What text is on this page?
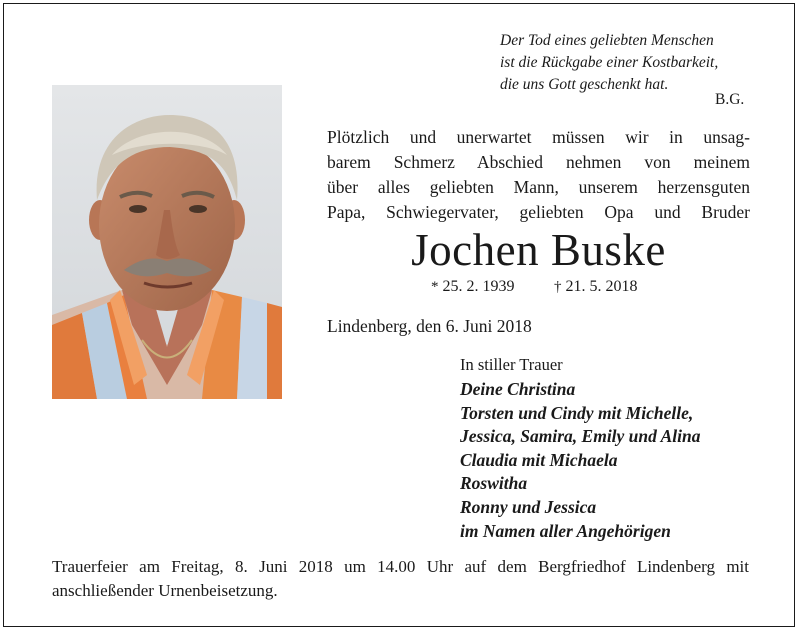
Der Tod eines geliebten Menschen
ist die Rückgabe einer Kostbarkeit,
die uns Gott geschenkt hat.
B.G.
Plötzlich und unerwartet müssen wir in unsag-
barem Schmerz Abschied nehmen von meinem
über alles geliebten Mann, unserem herzensguten
Papa, Schwiegervater, geliebten Opa und Bruder
Jochen Buske
* 25. 2. 1939	† 21. 5. 2018
Lindenberg, den 6. Juni 2018
In stiller Trauer
Deine Christina
Torsten und Cindy mit Michelle,
Jessica, Samira, Emily und Alina
Claudia mit Michaela
Roswitha
Ronny und Jessica
im Namen aller Angehörigen
Trauerfeier am Freitag, 8. Juni 2018 um 14.00 Uhr auf dem Bergfriedhof Lindenberg mit
anschließender Urnenbeisetzung.
